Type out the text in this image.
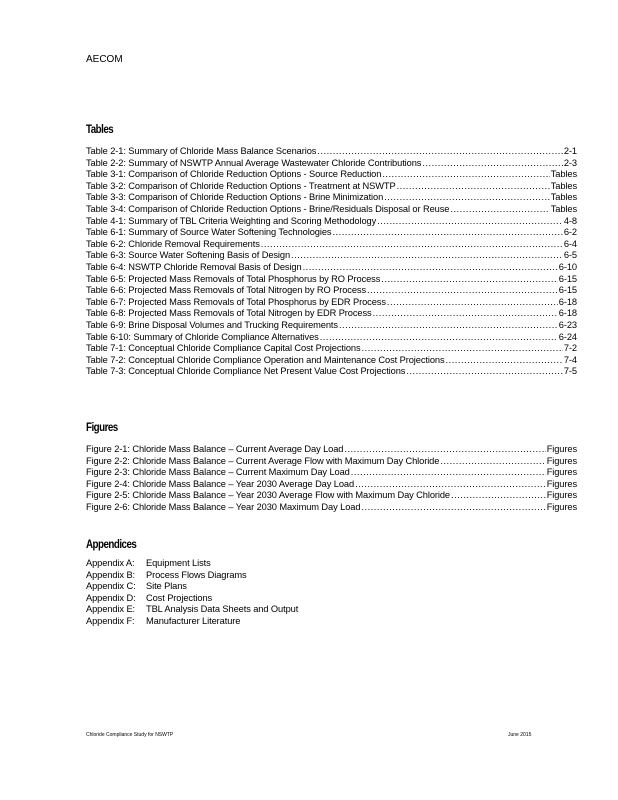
AECOM
Tables
Table 2-1: Summary of Chloride Mass Balance Scenarios .....	2-1
Table 2-2: Summary of NSWTP Annual Average Wastewater Chloride Contributions .....	2-3
Table 3-1: Comparison of Chloride Reduction Options - Source Reduction .....	Tables
Table 3-2: Comparison of Chloride Reduction Options - Treatment at NSWTP .....	Tables
Table 3-3: Comparison of Chloride Reduction Options - Brine Minimization .....	Tables
Table 3-4: Comparison of Chloride Reduction Options - Brine/Residuals Disposal or Reuse .....	Tables
Table 4-1: Summary of TBL Criteria Weighting and Scoring Methodology .....	4-8
Table 6-1: Summary of Source Water Softening Technologies .....	6-2
Table 6-2: Chloride Removal Requirements .....	6-4
Table 6-3: Source Water Softening Basis of Design .....	6-5
Table 6-4: NSWTP Chloride Removal Basis of Design .....	6-10
Table 6-5: Projected Mass Removals of Total Phosphorus by RO Process .....	6-15
Table 6-6: Projected Mass Removals of Total Nitrogen by RO Process .....	6-15
Table 6-7: Projected Mass Removals of Total Phosphorus by EDR Process .....	6-18
Table 6-8: Projected Mass Removals of Total Nitrogen by EDR Process .....	6-18
Table 6-9: Brine Disposal Volumes and Trucking Requirements .....	6-23
Table 6-10: Summary of Chloride Compliance Alternatives .....	6-24
Table 7-1: Conceptual Chloride Compliance Capital Cost Projections .....	7-2
Table 7-2: Conceptual Chloride Compliance Operation and Maintenance Cost Projections .....	7-4
Table 7-3: Conceptual Chloride Compliance Net Present Value Cost Projections .....	7-5
Figures
Figure 2-1: Chloride Mass Balance – Current Average Day Load .....	Figures
Figure 2-2: Chloride Mass Balance – Current Average Flow with Maximum Day Chloride .....	Figures
Figure 2-3: Chloride Mass Balance – Current Maximum Day Load .....	Figures
Figure 2-4: Chloride Mass Balance – Year 2030 Average Day Load .....	Figures
Figure 2-5: Chloride Mass Balance – Year 2030 Average Flow with Maximum Day Chloride .....	Figures
Figure 2-6: Chloride Mass Balance – Year 2030 Maximum Day Load .....	Figures
Appendices
Appendix A:	Equipment Lists
Appendix B:	Process Flows Diagrams
Appendix C:	Site Plans
Appendix D:	Cost Projections
Appendix E:	TBL Analysis Data Sheets and Output
Appendix F:	Manufacturer Literature
Chloride Compliance Study for NSWTP	June 2015
